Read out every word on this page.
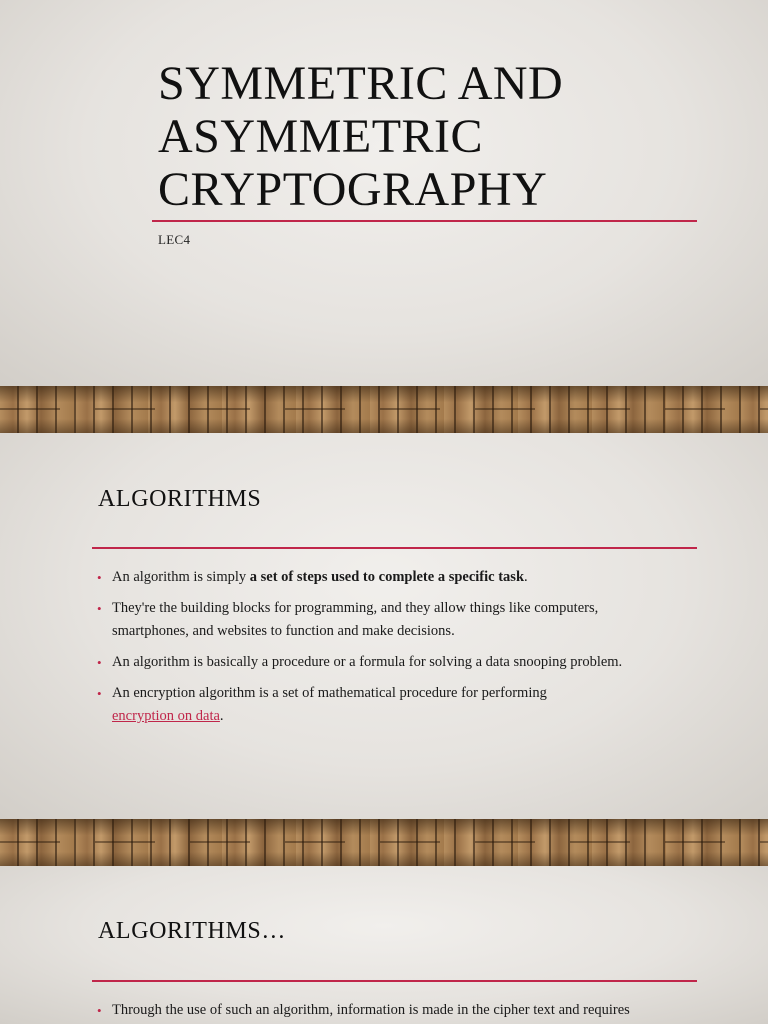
SYMMETRIC AND
ASYMMETRIC
CRYPTOGRAPHY
LEC4
ALGORITHMS
• An algorithm is simply a set of steps used to complete a specific task.
• They're the building blocks for programming, and they allow things like computers,
smartphones, and websites to function and make decisions.
• An algorithm is basically a procedure or a formula for solving a data snooping problem.
• An encryption algorithm is a set of mathematical procedure for performing
encryption on data.
ALGORITHMS…
• Through the use of such an algorithm, information is made in the cipher text and requires
